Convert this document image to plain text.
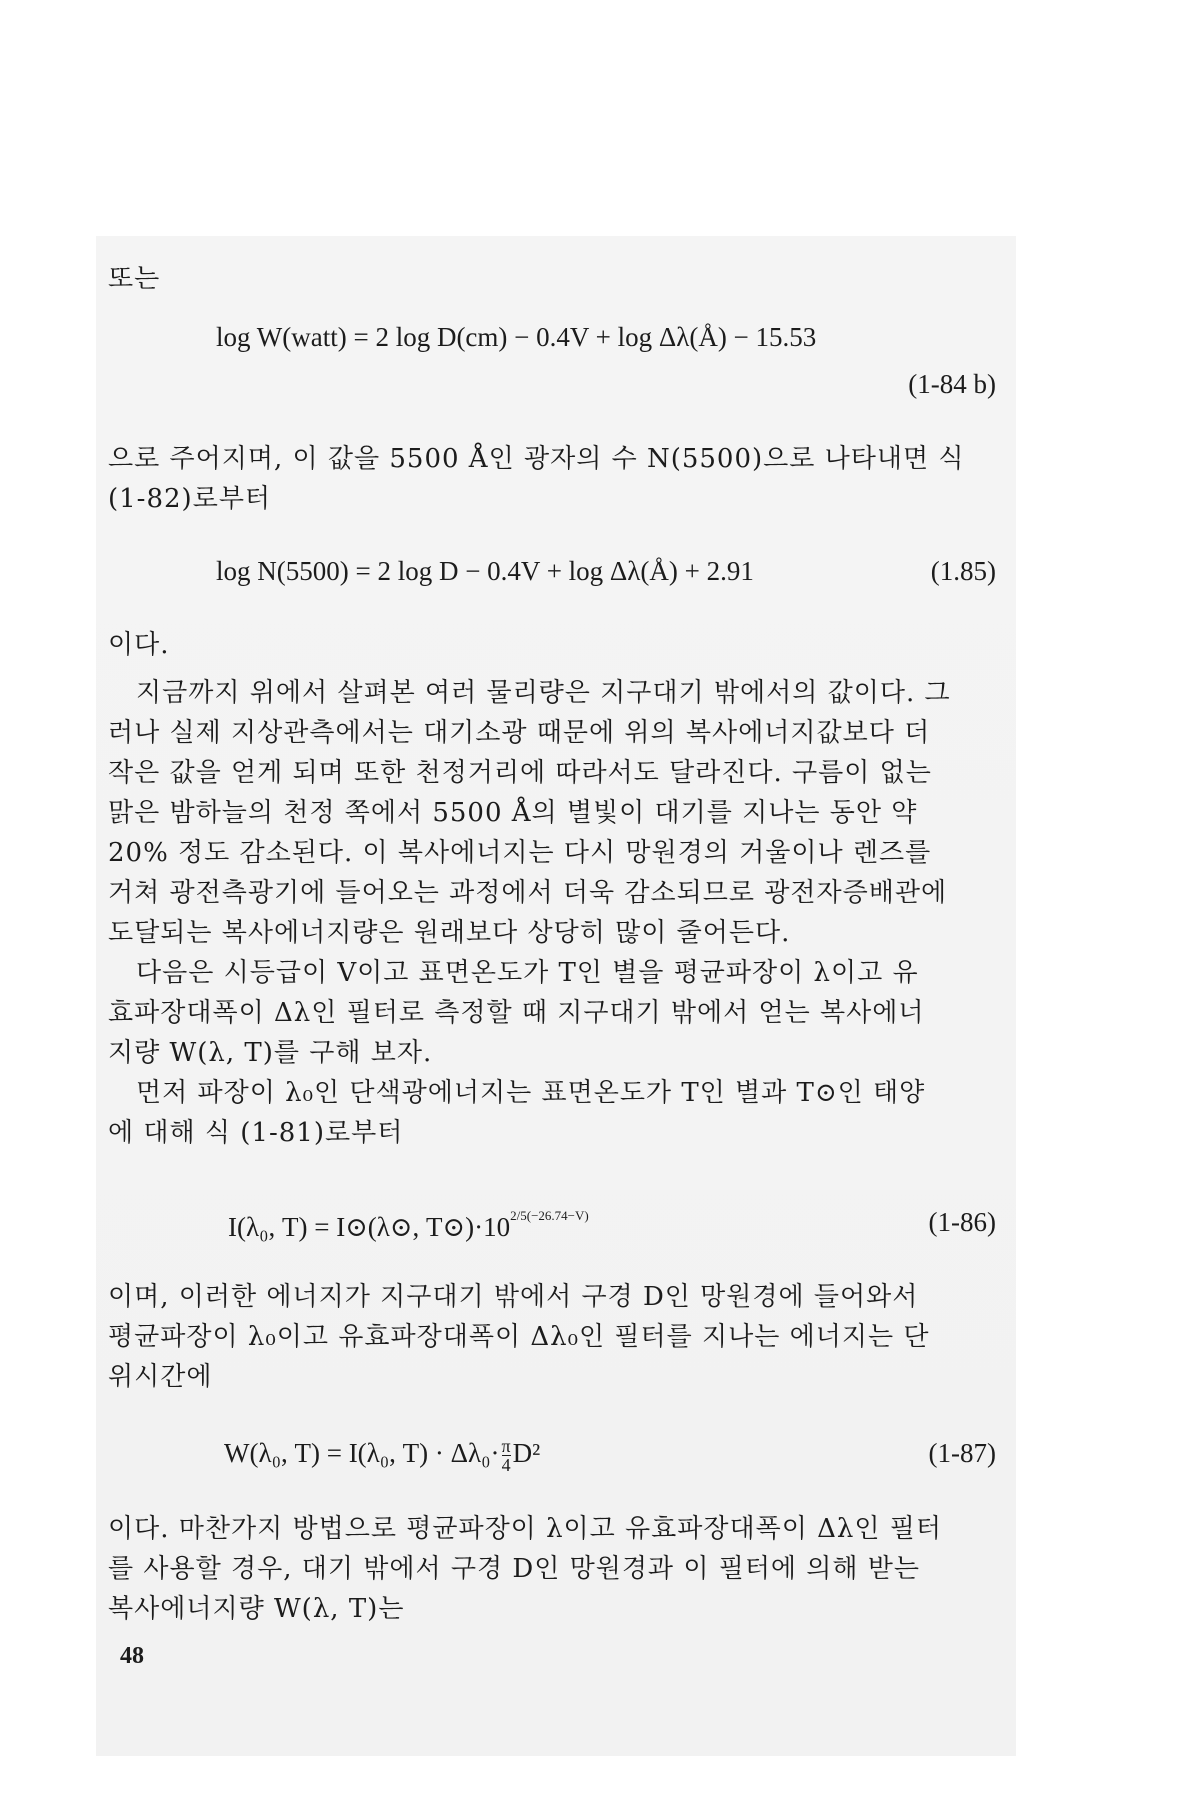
또는
log W(watt) = 2 log D(cm) − 0.4V + log Δλ(Å) − 15.53
(1-84 b)
으로 주어지며, 이 값을 5500 Å인 광자의 수 N(5500)으로 나타내면 식
(1-82)로부터
log N(5500) = 2 log D − 0.4V + log Δλ(Å) + 2.91	(1.85)
이다.
지금까지 위에서 살펴본 여러 물리량은 지구대기 밖에서의 값이다. 그
러나 실제 지상관측에서는 대기소광 때문에 위의 복사에너지값보다 더
작은 값을 얻게 되며 또한 천정거리에 따라서도 달라진다. 구름이 없는
맑은 밤하늘의 천정 쪽에서 5500 Å의 별빛이 대기를 지나는 동안 약
20% 정도 감소된다. 이 복사에너지는 다시 망원경의 거울이나 렌즈를
거쳐 광전측광기에 들어오는 과정에서 더욱 감소되므로 광전자증배관에
도달되는 복사에너지량은 원래보다 상당히 많이 줄어든다.
다음은 시등급이 V이고 표면온도가 T인 별을 평균파장이 λ이고 유
효파장대폭이 Δλ인 필터로 측정할 때 지구대기 밖에서 얻는 복사에너
지량 W(λ, T)를 구해 보자.
먼저 파장이 λ₀인 단색광에너지는 표면온도가 T인 별과 T⊙인 태양
에 대해 식 (1-81)로부터
I(λ₀, T) = I⊙(λ⊙, $T⊙)\cdot 10^{2/5(-26.74-V)}$	(1-86)
이며, 이러한 에너지가 지구대기 밖에서 구경 D인 망원경에 들어와서
평균파장이 λ₀이고 유효파장대폭이 Δλ₀인 필터를 지나는 에너지는 단
위시간에
W(λ₀, T) = I(λ₀, $T) \cdot \Delta\lambda_0\cdot \frac{\pi}{4} D^2$	(1-87)
이다. 마찬가지 방법으로 평균파장이 λ이고 유효파장대폭이 Δλ인 필터
를 사용할 경우, 대기 밖에서 구경 D인 망원경과 이 필터에 의해 받는
복사에너지량 W(λ, T)는
48
